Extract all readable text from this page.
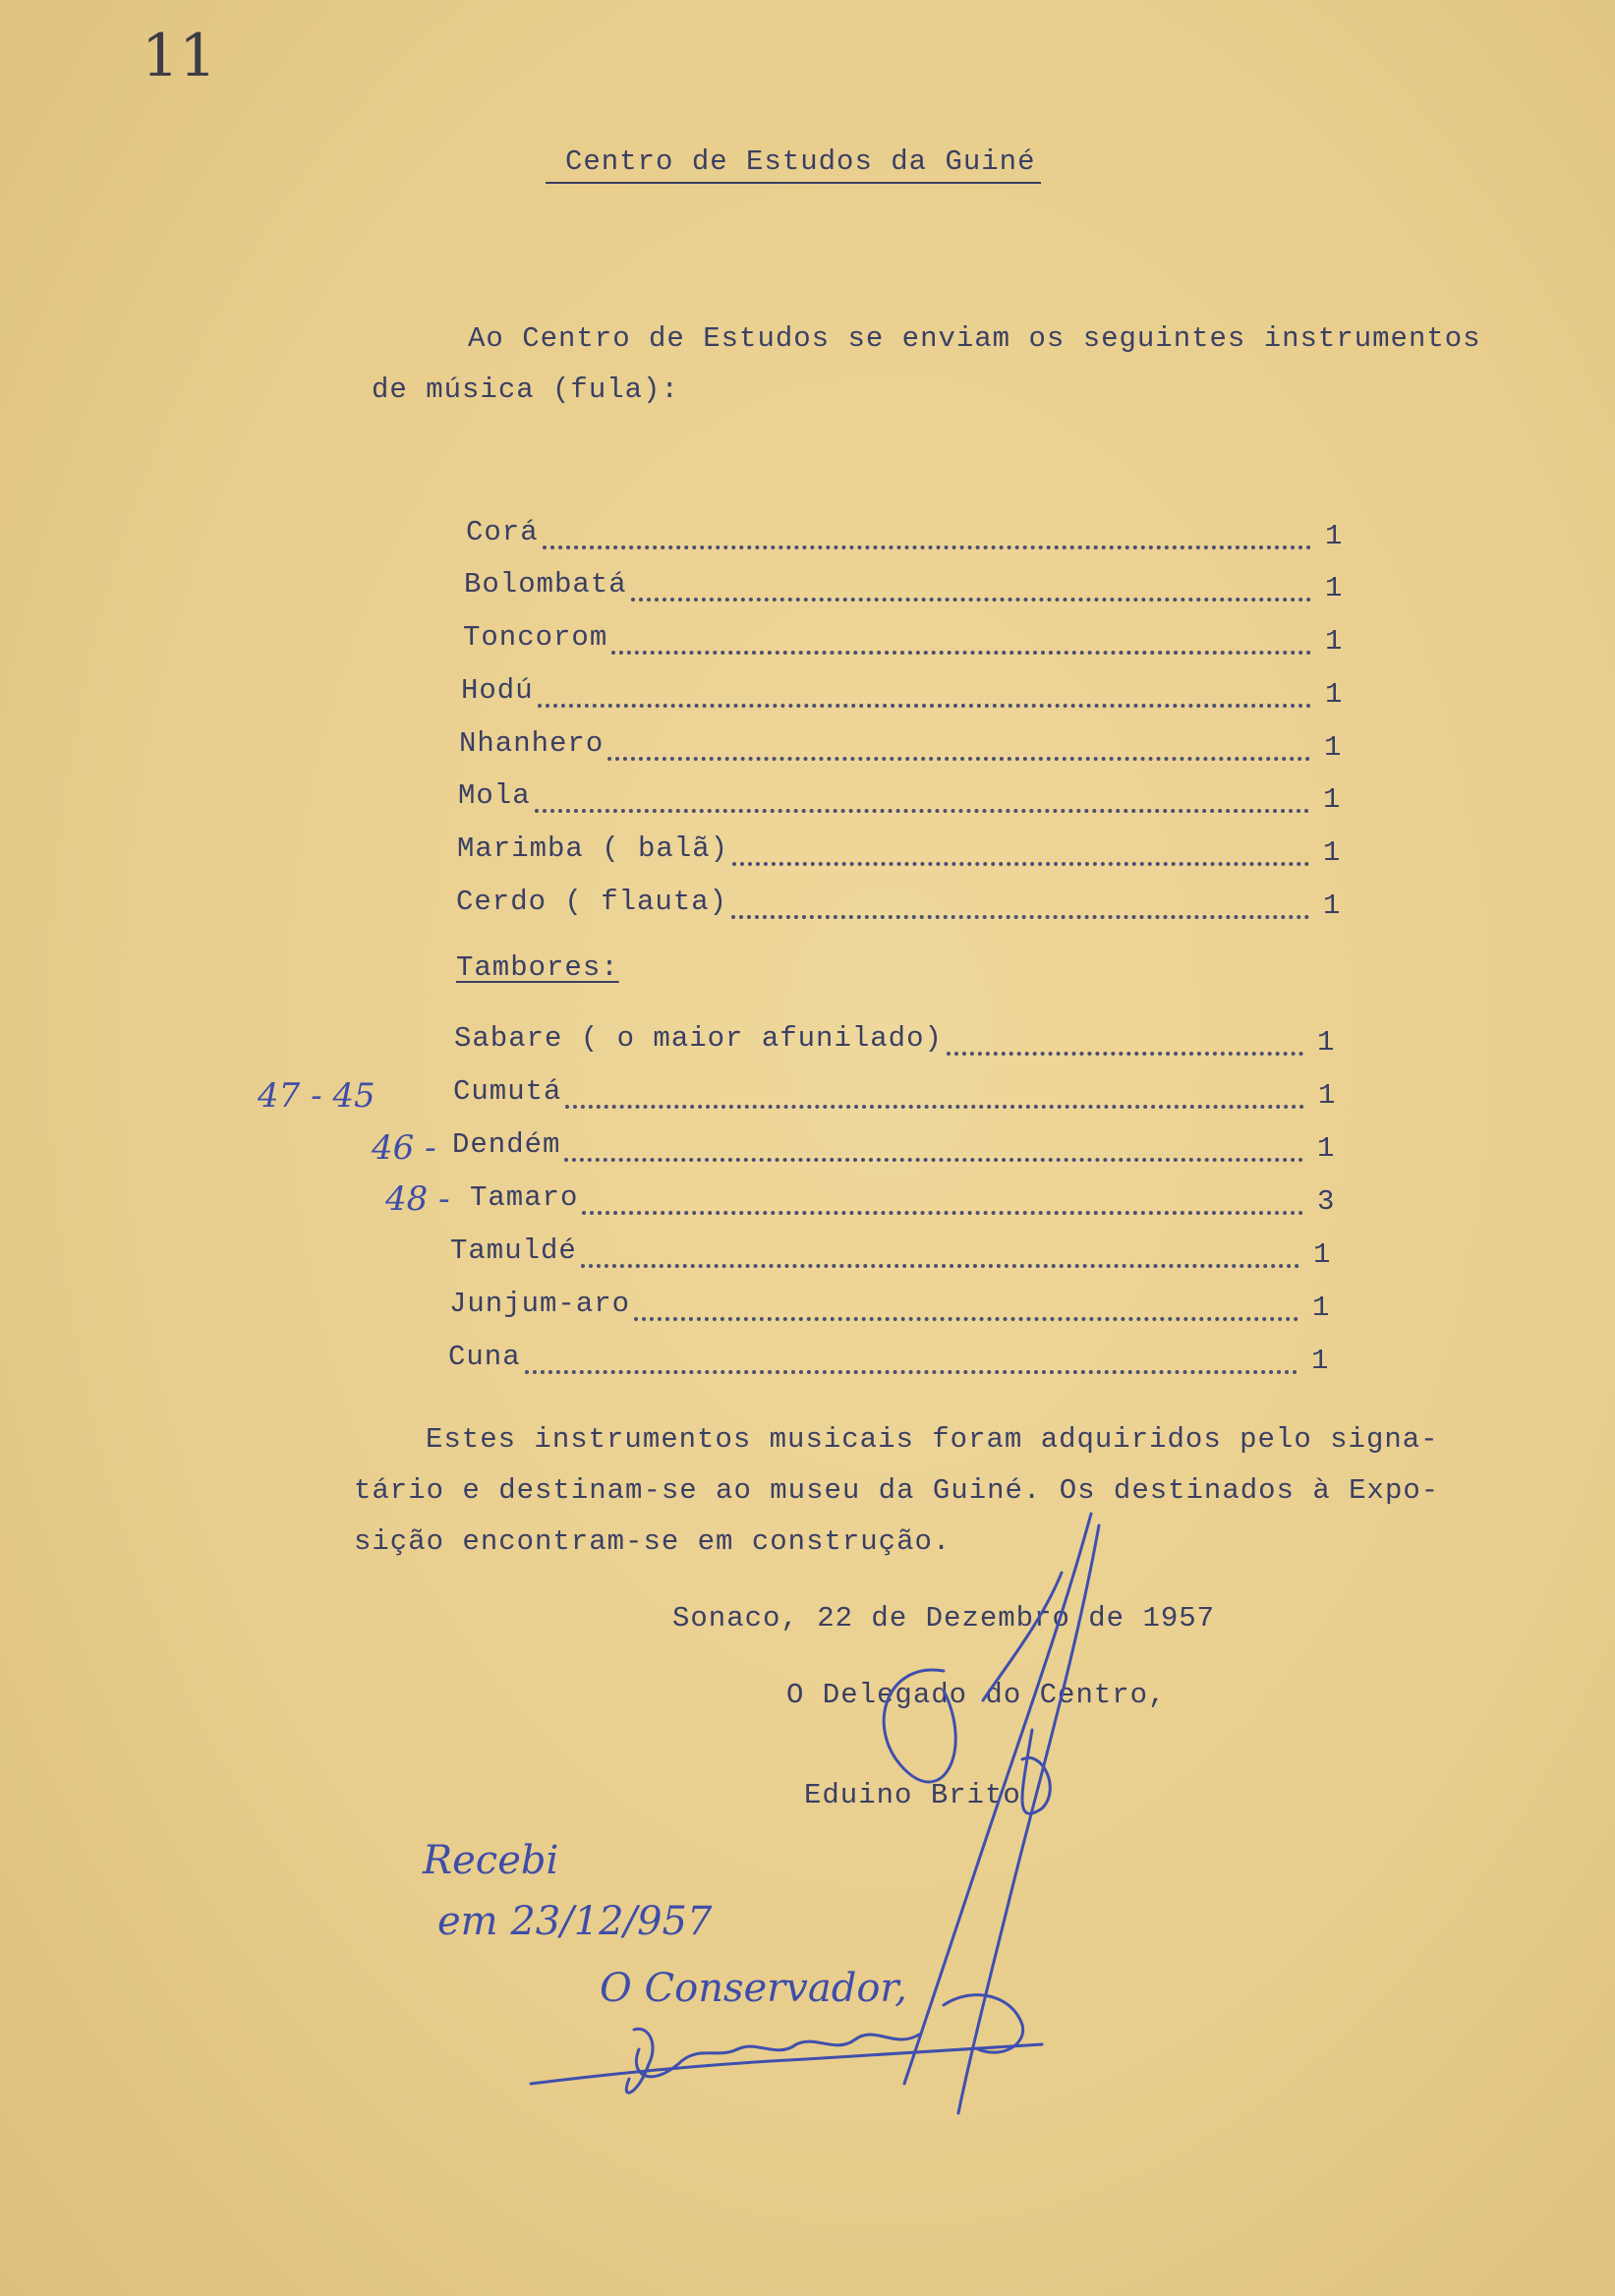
11
Centro de Estudos da Guiné
Ao Centro de Estudos se enviam os seguintes instrumentos
de música (fula):
Corá	1
Bolombatá	1
Toncorom	1
Hodú	1
Nhanhero	1
Mola	1
Marimba ( balã)	1
Cerdo ( flauta)	1
Tambores:
Sabare ( o maior afunilado)	1
Cumutá	1
Dendém	1
Tamaro	3
Tamuldé	1
Junjum-aro	1
Cuna	1
47 - 45
46 -
48 -
Estes instrumentos musicais foram adquiridos pelo signa-
tário e destinam-se ao museu da Guiné. Os destinados à Expo-
sição encontram-se em construção.
Sonaco, 22 de Dezembro de 1957
O Delegado do Centro,
Eduino Brito
Recebi
em 23/12/957
O Conservador,
